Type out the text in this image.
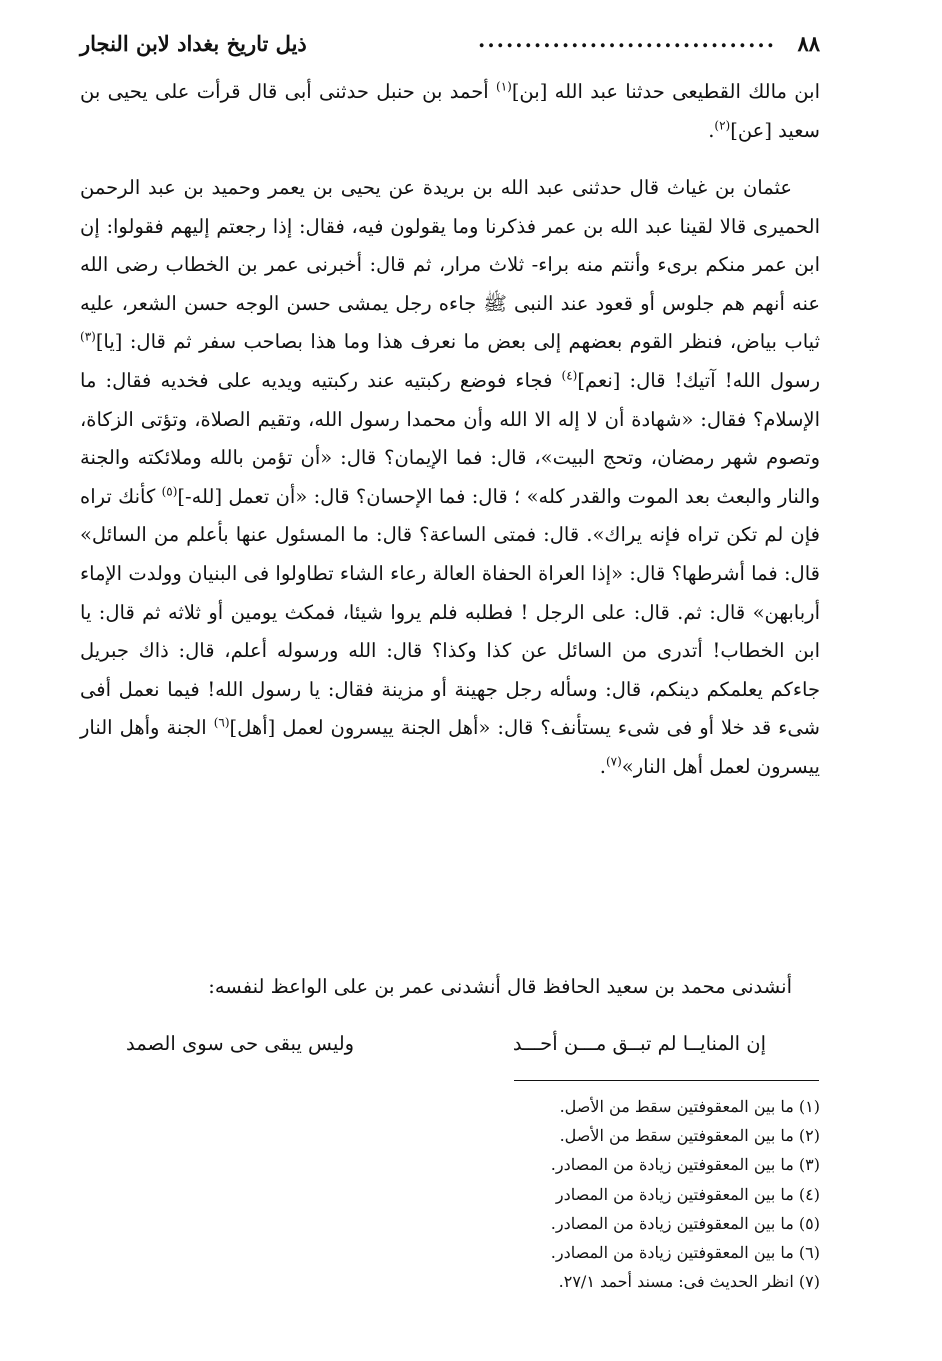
٨٨
................................
ذيل تاريخ بغداد لابن النجار
ابن مالك القطيعى حدثنا عبد الله [بن]$^{(١)}$ أحمد بن حنبل حدثنى أبى قال قرأت على يحيى بن سعيد [عن]$^{(٢)}$.
عثمان بن غياث قال حدثنى عبد الله بن بريدة عن يحيى بن يعمر وحميد بن عبد الرحمن الحميرى قالا لقينا عبد الله بن عمر فذكرنا وما يقولون فيه، فقال: إذا رجعتم إليهم فقولوا: إن ابن عمر منكم برىء وأنتم منه براء- ثلاث مرار، ثم قال: أخبرنى عمر بن الخطاب رضى الله عنه أنهم هم جلوس أو قعود عند النبى ﷺ جاءه رجل يمشى حسن الوجه حسن الشعر، عليه ثياب بياض، فنظر القوم بعضهم إلى بعض ما نعرف هذا وما هذا بصاحب سفر ثم قال: [يا]$^{(٣)}$ رسول الله! آتيك! قال: [نعم]$^{(٤)}$ فجاء فوضع ركبتيه عند ركبتيه ويديه على فخديه فقال: ما الإسلام؟ فقال: «شهادة أن لا إله الا الله وأن محمدا رسول الله، وتقيم الصلاة، وتؤتى الزكاة، وتصوم شهر رمضان، وتحج البيت»، قال: فما الإيمان؟ قال: «أن تؤمن بالله وملائكته والجنة والنار والبعث بعد الموت والقدر كله» ؛ قال: فما الإحسان؟ قال: «أن تعمل [لله-]$^{(٥)}$ كأنك تراه فإن لم تكن تراه فإنه يراك». قال: فمتى الساعة؟ قال: ما المسئول عنها بأعلم من السائل» قال: فما أشرطها؟ قال: «إذا العراة الحفاة العالة رعاء الشاء تطاولوا فى البنيان وولدت الإماء أربابهن» قال: ثم. قال: على الرجل ! فطلبه فلم يروا شيئا، فمكث يومين أو ثلاثه ثم قال: يا ابن الخطاب! أتدرى من السائل عن كذا وكذا؟ قال: الله ورسوله أعلم، قال: ذاك جبريل جاءكم يعلمكم دينكم، قال: وسأله رجل جهينة أو مزينة فقال: يا رسول الله! فيما نعمل أفى شىء قد خلا أو فى شىء يستأنف؟ قال: «أهل الجنة ييسرون لعمل [أهل]$^{(٦)}$ الجنة وأهل النار ييسرون لعمل أهل النار»$^{(٧)}$.
أنشدنى محمد بن سعيد الحافظ قال أنشدنى عمر بن على الواعظ لنفسه:
إن المنايــا لم تبــق مـــن أحـــد
وليس يبقى حى سوى الصمد
(١) ما بين المعقوفتين سقط من الأصل.
(٢) ما بين المعقوفتين سقط من الأصل.
(٣) ما بين المعقوفتين زيادة من المصادر.
(٤) ما بين المعقوفتين زيادة من المصادر
(٥) ما بين المعقوفتين زيادة من المصادر.
(٦) ما بين المعقوفتين زيادة من المصادر.
(٧) انظر الحديث فى: مسند أحمد ٢٧/١.
